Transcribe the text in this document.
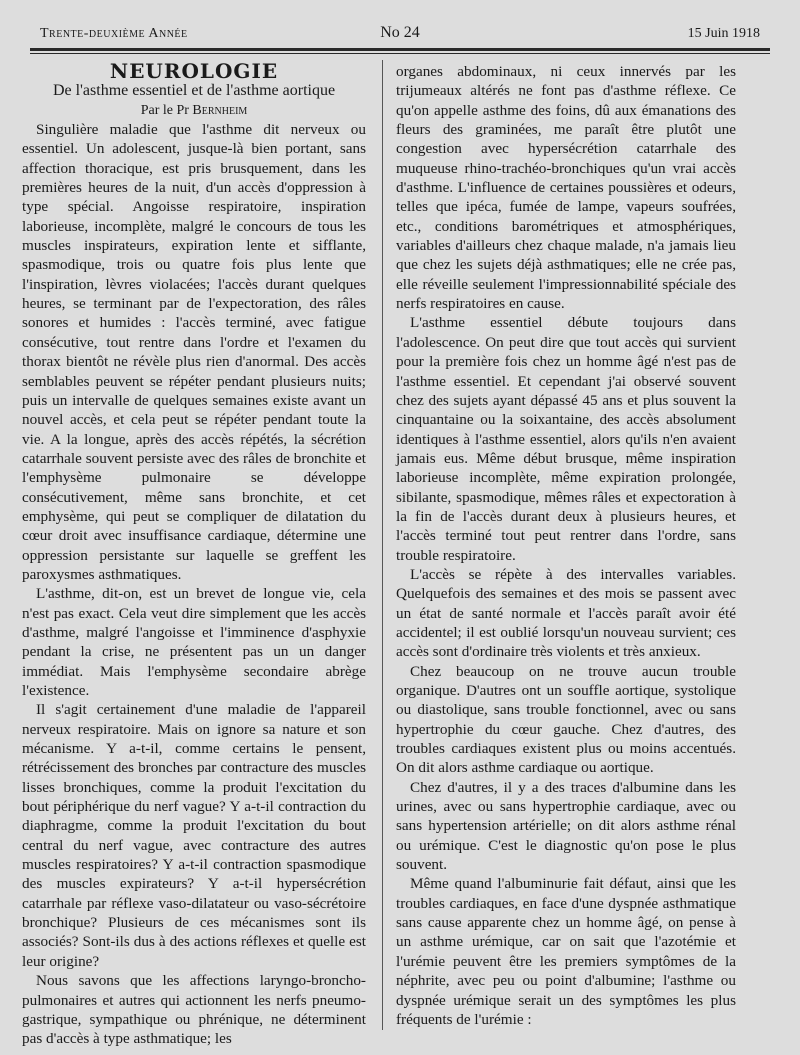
Trente-deuxième Année	No 24	15 Juin 1918

NEUROLOGIE

De l'asthme essentiel et de l'asthme aortique

Par le Pr Bernheim

Singulière maladie que l'asthme dit nerveux ou essentiel. Un adolescent, jusque-là bien portant, sans affection thoracique, est pris brusquement, dans les premières heures de la nuit, d'un accès d'oppression à type spécial. Angoisse respiratoire, inspiration laborieuse, incomplète, malgré le concours de tous les muscles inspirateurs, expiration lente et sifflante, spasmodique, trois ou quatre fois plus lente que l'inspiration, lèvres violacées; l'accès durant quelques heures, se terminant par de l'expectoration, des râles sonores et humides : l'accès terminé, avec fatigue consécutive, tout rentre dans l'ordre et l'examen du thorax bientôt ne révèle plus rien d'anormal. Des accès semblables peuvent se répéter pendant plusieurs nuits; puis un intervalle de quelques semaines existe avant un nouvel accès, et cela peut se répéter pendant toute la vie. A la longue, après des accès répétés, la sécrétion catarrhale souvent persiste avec des râles de bronchite et l'emphysème pulmonaire se développe consécutivement, même sans bronchite, et cet emphysème, qui peut se compliquer de dilatation du cœur droit avec insuffisance cardiaque, détermine une oppression persistante sur laquelle se greffent les paroxysmes asthmatiques.

L'asthme, dit-on, est un brevet de longue vie, cela n'est pas exact. Cela veut dire simplement que les accès d'asthme, malgré l'angoisse et l'imminence d'asphyxie pendant la crise, ne présentent pas un un danger immédiat. Mais l'emphysème secondaire abrège l'existence.

Il s'agit certainement d'une maladie de l'appareil nerveux respiratoire. Mais on ignore sa nature et son mécanisme. Y a-t-il, comme certains le pensent, rétrécissement des bronches par contracture des muscles lisses bronchiques, comme la produit l'excitation du bout périphérique du nerf vague? Y a-t-il contraction du diaphragme, comme la produit l'excitation du bout central du nerf vague, avec contracture des autres muscles respiratoires? Y a-t-il contraction spasmodique des muscles expirateurs? Y a-t-il hypersécrétion catarrhale par réflexe vaso-dilatateur ou vaso-sécrétoire bronchique? Plusieurs de ces mécanismes sont ils associés? Sont-ils dus à des actions réflexes et quelle est leur origine?

Nous savons que les affections laryngo-broncho-pulmonaires et autres qui actionnent les nerfs pneumo-gastrique, sympathique ou phrénique, ne déterminent pas d'accès à type asthmatique; les

organes abdominaux, ni ceux innervés par les trijumeaux altérés ne font pas d'asthme réflexe. Ce qu'on appelle asthme des foins, dû aux émanations des fleurs des graminées, me paraît être plutôt une congestion avec hypersécrétion catarrhale des muqueuse rhino-trachéo-bronchiques qu'un vrai accès d'asthme. L'influence de certaines poussières et odeurs, telles que ipéca, fumée de lampe, vapeurs soufrées, etc., conditions barométriques et atmosphériques, variables d'ailleurs chez chaque malade, n'a jamais lieu que chez les sujets déjà asthmatiques; elle ne crée pas, elle réveille seulement l'impressionnabilité spéciale des nerfs respiratoires en cause.

L'asthme essentiel débute toujours dans l'adolescence. On peut dire que tout accès qui survient pour la première fois chez un homme âgé n'est pas de l'asthme essentiel. Et cependant j'ai observé souvent chez des sujets ayant dépassé 45 ans et plus souvent la cinquantaine ou la soixantaine, des accès absolument identiques à l'asthme essentiel, alors qu'ils n'en avaient jamais eus. Même début brusque, même inspiration laborieuse incomplète, même expiration prolongée, sibilante, spasmodique, mêmes râles et expectoration à la fin de l'accès durant deux à plusieurs heures, et l'accès terminé tout peut rentrer dans l'ordre, sans trouble respiratoire.

L'accès se répète à des intervalles variables. Quelquefois des semaines et des mois se passent avec un état de santé normale et l'accès paraît avoir été accidentel; il est oublié lorsqu'un nouveau survient; ces accès sont d'ordinaire très violents et très anxieux.

Chez beaucoup on ne trouve aucun trouble organique. D'autres ont un souffle aortique, systolique ou diastolique, sans trouble fonctionnel, avec ou sans hypertrophie du cœur gauche. Chez d'autres, des troubles cardiaques existent plus ou moins accentués. On dit alors asthme cardiaque ou aortique.

Chez d'autres, il y a des traces d'albumine dans les urines, avec ou sans hypertrophie cardiaque, avec ou sans hypertension artérielle; on dit alors asthme rénal ou urémique. C'est le diagnostic qu'on pose le plus souvent.

Même quand l'albuminurie fait défaut, ainsi que les troubles cardiaques, en face d'une dyspnée asthmatique sans cause apparente chez un homme âgé, on pense à un asthme urémique, car on sait que l'azotémie et l'urémie peuvent être les premiers symptômes de la néphrite, avec peu ou point d'albumine; l'asthme ou dyspnée urémique serait un des symptômes les plus fréquents de l'urémie :
